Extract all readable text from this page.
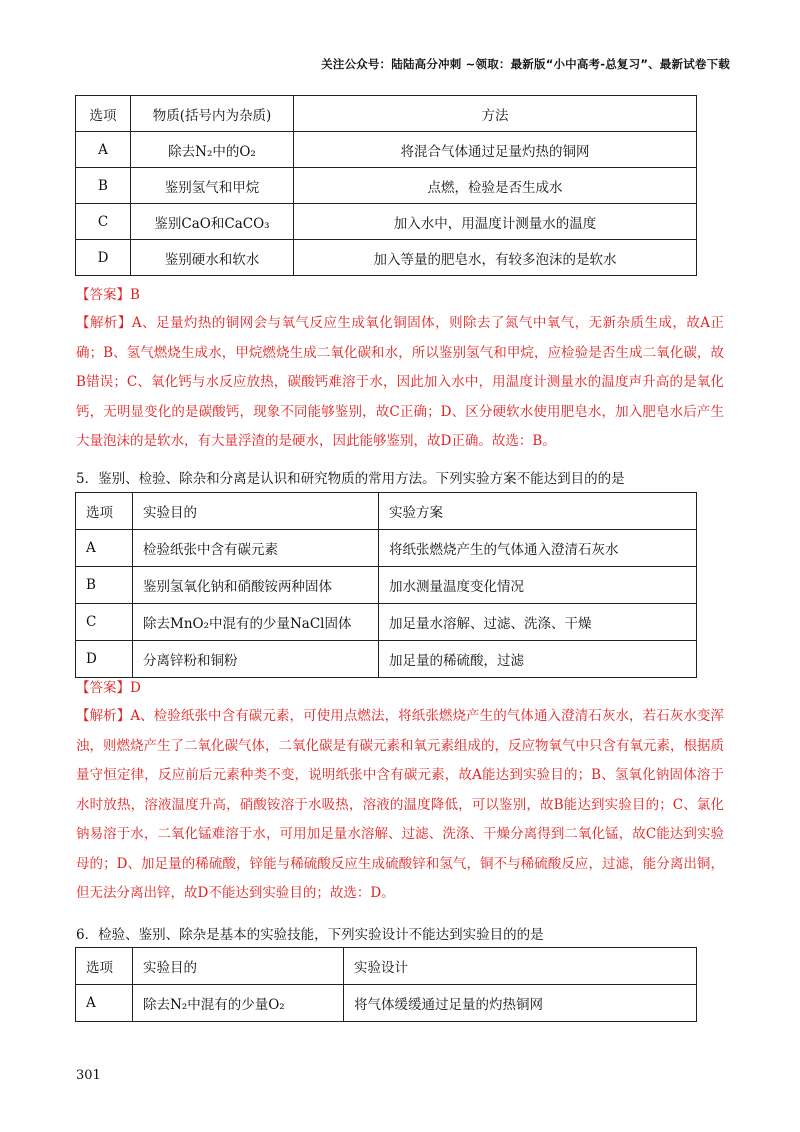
关注公众号：陆陆高分冲刺 ~领取：最新版“小中高考-总复习”、最新试卷下载
选项	物质(括号内为杂质)	方法
A	除去N₂中的O₂	将混合气体通过足量灼热的铜网
B	鉴别氢气和甲烷	点燃，检验是否生成水
C	鉴别CaO和CaCO₃	加入水中，用温度计测量水的温度
D	鉴别硬水和软水	加入等量的肥皂水，有较多泡沫的是软水
【答案】B
【解析】A、足量灼热的铜网会与氧气反应生成氧化铜固体，则除去了氮气中氧气，无新杂质生成，故A正确；B、氢气燃烧生成水，甲烷燃烧生成二氧化碳和水，所以鉴别氢气和甲烷，应检验是否生成二氧化碳，故B错误；C、氧化钙与水反应放热，碳酸钙难溶于水，因此加入水中，用温度计测量水的温度声升高的是氧化钙，无明显变化的是碳酸钙，现象不同能够鉴别，故C正确；D、区分硬软水使用肥皂水，加入肥皂水后产生大量泡沫的是软水，有大量浮渣的是硬水，因此能够鉴别，故D正确。故选：B。
5．鉴别、检验、除杂和分离是认识和研究物质的常用方法。下列实验方案不能达到目的的是
选项	实验目的	实验方案
A	检验纸张中含有碳元素	将纸张燃烧产生的气体通入澄清石灰水
B	鉴别氢氧化钠和硝酸铵两种固体	加水测量温度变化情况
C	除去MnO₂中混有的少量NaCl固体	加足量水溶解、过滤、洗涤、干燥
D	分离锌粉和铜粉	加足量的稀硫酸，过滤
【答案】D
【解析】A、检验纸张中含有碳元素，可使用点燃法，将纸张燃烧产生的气体通入澄清石灰水，若石灰水变浑浊，则燃烧产生了二氧化碳气体，二氧化碳是有碳元素和氧元素组成的，反应物氧气中只含有氧元素，根据质量守恒定律，反应前后元素种类不变，说明纸张中含有碳元素，故A能达到实验目的；B、氢氧化钠固体溶于水时放热，溶液温度升高，硝酸铵溶于水吸热，溶液的温度降低，可以鉴别，故B能达到实验目的；C、氯化钠易溶于水，二氧化锰难溶于水，可用加足量水溶解、过滤、洗涤、干燥分离得到二氧化锰，故C能达到实验母的；D、加足量的稀硫酸，锌能与稀硫酸反应生成硫酸锌和氢气，铜不与稀硫酸反应，过滤，能分离出铜，但无法分离出锌，故D不能达到实验目的；故选：D。
6．检验、鉴别、除杂是基本的实验技能，下列实验设计不能达到实验目的的是
选项	实验目的	实验设计
A	除去N₂中混有的少量O₂	将气体缓缓通过足量的灼热铜网
301
